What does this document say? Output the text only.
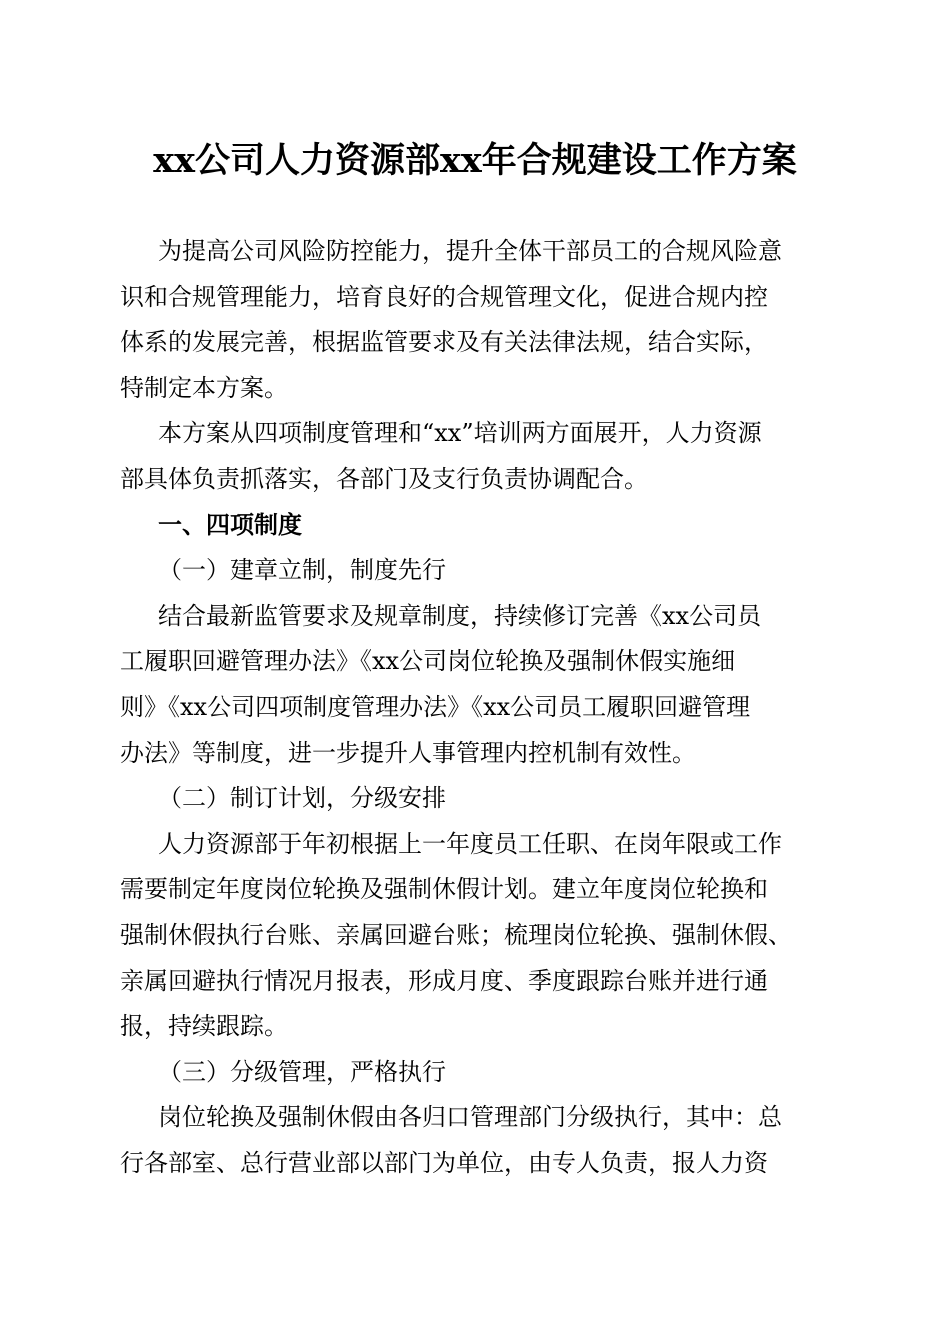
xx公司人力资源部xx年合规建设工作方案
为提高公司风险防控能力，提升全体干部员工的合规风险意
识和合规管理能力，培育良好的合规管理文化，促进合规内控
体系的发展完善，根据监管要求及有关法律法规，结合实际，
特制定本方案。
本方案从四项制度管理和“xx”培训两方面展开，人力资源
部具体负责抓落实，各部门及支行负责协调配合。
一、四项制度
（一）建章立制，制度先行
结合最新监管要求及规章制度，持续修订完善《xx公司员
工履职回避管理办法》《xx公司岗位轮换及强制休假实施细
则》《xx公司四项制度管理办法》《xx公司员工履职回避管理
办法》等制度，进一步提升人事管理内控机制有效性。
（二）制订计划，分级安排
人力资源部于年初根据上一年度员工任职、在岗年限或工作
需要制定年度岗位轮换及强制休假计划。建立年度岗位轮换和
强制休假执行台账、亲属回避台账；梳理岗位轮换、强制休假、
亲属回避执行情况月报表，形成月度、季度跟踪台账并进行通
报，持续跟踪。
（三）分级管理，严格执行
岗位轮换及强制休假由各归口管理部门分级执行，其中：总
行各部室、总行营业部以部门为单位，由专人负责，报人力资
